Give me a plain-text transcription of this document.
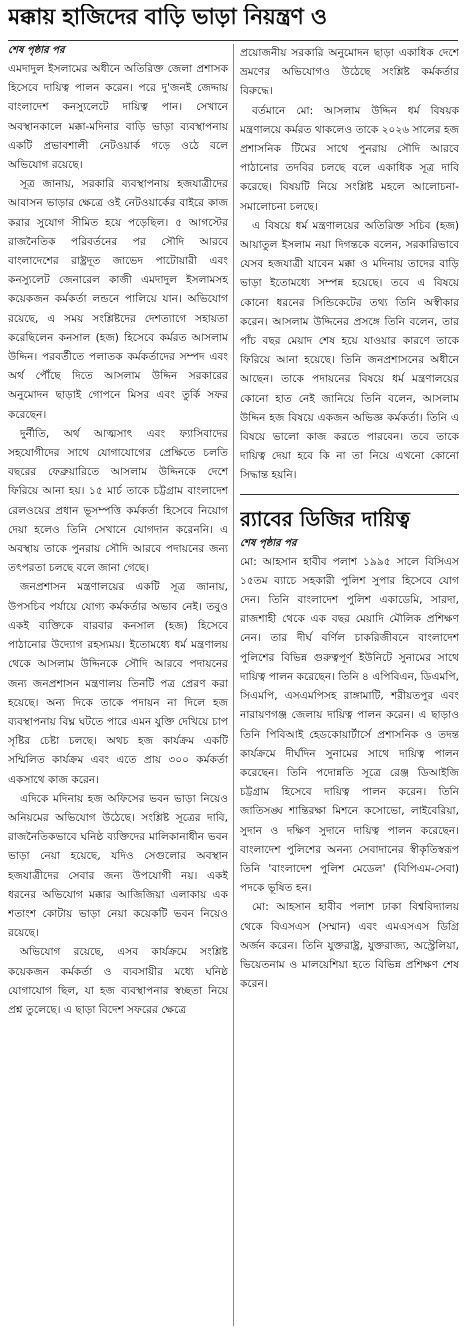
মক্কায় হাজিদের বাড়ি ভাড়া নিয়ন্ত্রণ ও

শেষ পৃষ্ঠার পর

এমদাদুল ইসলামের অধীনে অতিরিক্ত জেলা প্রশাসক হিসেবে দায়িত্ব পালন করেন। পরে দু'জনই জেদ্দায় বাংলাদেশ কনস্যুলেটে দায়িত্ব পান। সেখানে অবস্থানকালে মক্কা-মদিনার বাড়ি ভাড়া ব্যবস্থাপনায় একটি প্রভাবশালী নেটওয়ার্ক গড়ে ওঠে বলে অভিযোগ রয়েছে।

সূত্র জানায়, সরকারি ব্যবস্থাপনায় হজযাত্রীদের আবাসন ভাড়ার ক্ষেত্রে ওই নেটওয়ার্কের বাইরে কাজ করার সুযোগ সীমিত হয়ে পড়েছিল। ৫ আগস্টের রাজনৈতিক পরিবর্তনের পর সৌদি আরবে বাংলাদেশের রাষ্ট্রদূত জাভেদ পাটোয়ারী এবং কনস্যুলেট জেনারেল কাজী এমদাদুল ইসলামসহ কয়েকজন কর্মকর্তা লন্ডনে পালিয়ে যান। অভিযোগ রয়েছে, এ সময় সংশ্লিষ্টদের দেশত্যাগে সহায়তা করেছিলেন কনসাল (হজ) হিসেবে কর্মরত আসলাম উদ্দিন। পরবর্তীতে পলাতক কর্মকর্তাদের সম্পদ এবং অর্থ পৌঁছে দিতে আসলাম উদ্দিন সরকারের অনুমোদন ছাড়াই গোপনে মিসর এবং তুর্কি সফর করেছেন।

দুর্নীতি, অর্থ আত্মসাৎ এবং ফ্যাসিবাদের সহযোগীদের সাথে যোগাযোগের প্রেক্ষিতে চলতি বছরের ফেব্রুয়ারিতে আসলাম উদ্দিনকে দেশে ফিরিয়ে আনা হয়। ১৫ মার্চ তাকে চট্টগ্রাম বাংলাদেশ রেলওয়ের প্রধান ভূসম্পত্তি কর্মকর্তা হিসেবে নিয়োগ দেয়া হলেও তিনি সেখানে যোগদান করেননি। এ অবস্থায় তাকে পুনরায় সৌদি আরবে পদায়নের জন্য তৎপরতা চলছে বলে জানা গেছে।

জনপ্রশাসন মন্ত্রণালয়ের একটি সূত্র জানায়, উপসচিব পর্যায়ে যোগ্য কর্মকর্তার অভাব নেই। তবুও একই ব্যক্তিকে বারবার কনসাল (হজ) হিসেবে পাঠানোর উদ্যোগ রহস্যময়। ইতোমধ্যে ধর্ম মন্ত্রণালয় থেকে আসলাম উদ্দিনকে সৌদি আরবে পদায়নের জন্য জনপ্রশাসন মন্ত্রণালয় তিনটি পত্র প্রেরণ করা হয়েছে। অন্য দিকে তাকে পদায়ন না দিলে হজ ব্যবস্থাপনায় বিঘ্ন ঘটতে পারে এমন যুক্তি দেখিয়ে চাপ সৃষ্টির চেষ্টা চলছে। অথচ হজ কার্যক্রম একটি সম্মিলিত কার্যক্রম এবং এতে প্রায় ৩০০ কর্মকর্তা একসাথে কাজ করেন।

এদিকে মদিনায় হজ অফিসের ভবন ভাড়া নিয়েও অনিয়মের অভিযোগ উঠেছে। সংশ্লিষ্ট সূত্রের দাবি, রাজনৈতিকভাবে ঘনিষ্ঠ ব্যক্তিদের মালিকানাধীন ভবন ভাড়া নেয়া হয়েছে, যদিও সেগুলোর অবস্থান হজযাত্রীদের সেবার জন্য উপযোগী নয়। একই ধরনের অভিযোগ মক্কার আজিজিয়া এলাকায় এক শতাংশ কোটায় ভাড়া নেয়া কয়েকটি ভবন নিয়েও রয়েছে।

অভিযোগ রয়েছে, এসব কার্যক্রমে সংশ্লিষ্ট কয়েকজন কর্মকর্তা ও ব্যবসায়ীর মধ্যে ঘনিষ্ঠ যোগাযোগ ছিল, যা হজ ব্যবস্থাপনার স্বচ্ছতা নিয়ে প্রশ্ন তুলেছে। এ ছাড়া বিদেশ সফরের ক্ষেত্রে

প্রয়োজনীয় সরকারি অনুমোদন ছাড়া একাধিক দেশে ভ্রমণের অভিযোগও উঠেছে সংশ্লিষ্ট কর্মকর্তার বিরুদ্ধে।

বর্তমানে মো: আসলাম উদ্দিন ধর্ম বিষয়ক মন্ত্রণালয়ে কর্মরত থাকলেও তাকে ২০২৬ সালের হজ প্রশাসনিক টিমের সাথে পুনরায় সৌদি আরবে পাঠানোর তদবির চলছে বলে একাধিক সূত্র দাবি করেছে। বিষয়টি নিয়ে সংশ্লিষ্ট মহলে আলোচনা-সমালোচনা চলছে।

এ বিষয়ে ধর্ম মন্ত্রণালয়ের অতিরিক্ত সচিব (হজ) আয়াতুল ইসলাম নয়া দিগন্তকে বলেন, সরকারিভাবে যেসব হজযাত্রী যাবেন মক্কা ও মদিনায় তাদের বাড়ি ভাড়া ইতোমধ্যে সম্পন্ন হয়েছে। তবে এ বিষয়ে কোনো ধরনের সিন্ডিকেটের তথ্য তিনি অস্বীকার করেন। আসলাম উদ্দিনের প্রসঙ্গে তিনি বলেন, তার পাঁচ বছর মেয়াদ শেষ হয়ে যাওয়ার কারণে তাকে ফিরিয়ে আনা হয়েছে। তিনি জনপ্রশাসনের অধীনে আছেন। তাকে পদায়নের বিষয়ে ধর্ম মন্ত্রণালয়ের কোনো হাত নেই জানিয়ে তিনি বলেন, আসলাম উদ্দিন হজ বিষয়ে একজন অভিজ্ঞ কর্মকর্তা। তিনি এ বিষয়ে ভালো কাজ করতে পারবেন। তবে তাকে দায়িত্ব দেয়া হবে কি না তা নিয়ে এখনো কোনো সিদ্ধান্ত হয়নি।

র‌্যাবের ডিজির দায়িত্ব

শেষ পৃষ্ঠার পর

মো: আহসান হাবীব পলাশ ১৯৯৫ সালে বিসিএস ১৫তম ব্যাচে সহকারী পুলিশ সুপার হিসেবে যোগ দেন। তিনি বাংলাদেশ পুলিশ একাডেমি, সারদা, রাজশাহী থেকে এক বছর মেয়াদি মৌলিক প্রশিক্ষণ নেন। তার দীর্ঘ বর্ণিল চাকরিজীবনে বাংলাদেশ পুলিশের বিভিন্ন গুরুত্বপূর্ণ ইউনিটে সুনামের সাথে দায়িত্ব পালন করেছেন। তিনি ৪ এপিবিএন, ডিএমপি, সিএমপি, এসএমপিসহ রাঙ্গামাটি, শরীয়তপুর এবং নারায়ণগঞ্জ জেলায় দায়িত্ব পালন করেন। এ ছাড়াও তিনি পিবিআই হেডকোয়ার্টার্সে প্রশাসনিক ও তদন্ত কার্যক্রমে দীর্ঘদিন সুনামের সাথে দায়িত্ব পালন করেছেন। তিনি পদোন্নতি সূত্রে রেঞ্জ ডিআইজি চট্টগ্রাম হিসেবে দায়িত্ব পালন করেন। তিনি জাতিসঙ্ঘ শান্তিরক্ষা মিশনে কসোভো, লাইবেরিয়া, সুদান ও দক্ষিণ সুদানে দায়িত্ব পালন করেছেন। বাংলাদেশ পুলিশের অনন্য সেবাদানের স্বীকৃতিস্বরূপ তিনি 'বাংলাদেশ পুলিশ মেডেল' (বিপিএম-সেবা) পদকে ভূষিত হন।

মো: আহসান হাবীব পলাশ ঢাকা বিশ্ববিদ্যালয় থেকে বিএসএস (সম্মান) এবং এমএসএস ডিগ্রি অর্জন করেন। তিনি যুক্তরাষ্ট্র, যুক্তরাজ্য, অস্ট্রেলিয়া, ভিয়েতনাম ও মালয়েশিয়া হতে বিভিন্ন প্রশিক্ষণ শেষ করেন।
